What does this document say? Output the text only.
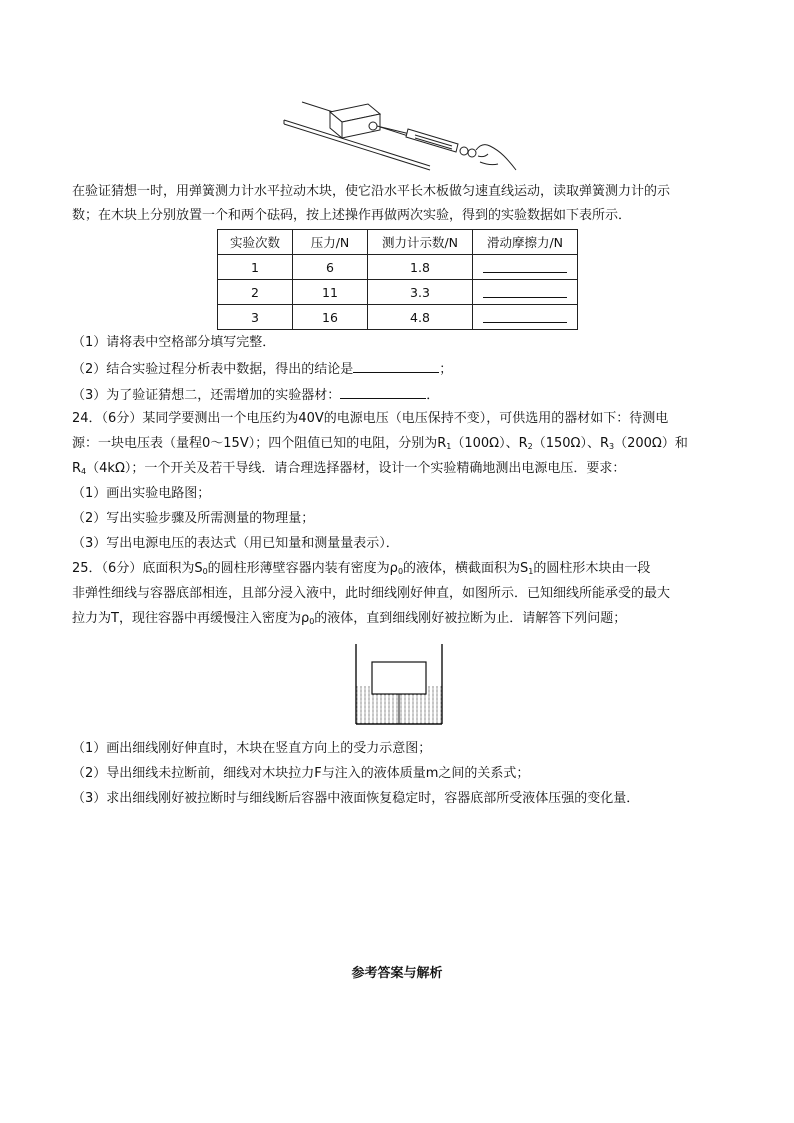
在验证猜想一时，用弹簧测力计水平拉动木块，使它沿水平长木板做匀速直线运动，读取弹簧测力计的示
数；在木块上分别放置一个和两个砝码，按上述操作再做两次实验，得到的实验数据如下表所示．
实验次数	压力/N	测力计示数/N	滑动摩擦力/N
1	6	1.8	
2	11	3.3	
3	16	4.8	
（1）请将表中空格部分填写完整．
（2）结合实验过程分析表中数据，得出的结论是	；
（3）为了验证猜想二，还需增加的实验器材：	．
24．（6分）某同学要测出一个电压约为40V的电源电压（电压保持不变），可供选用的器材如下：待测电
源：一块电压表（量程0～15V）；四个阻值已知的电阻，分别为$R_1(100\Omega)$、$R_2(150\Omega)$、$R_3(200\Omega)$和
$R_4(4k\Omega)$；一个开关及若干导线．请合理选择器材，设计一个实验精确地测出电源电压．要求：
（1）画出实验电路图；
（2）写出实验步骤及所需测量的物理量；
（3）写出电源电压的表达式（用已知量和测量量表示）．
25．（6分）底面积为$S_0$的圆柱形薄壁容器内装有密度为$\rho_0$的液体，横截面积为$S_1$的圆柱形木块由一段
非弹性细线与容器底部相连，且部分浸入液中，此时细线刚好伸直，如图所示．已知细线所能承受的最大
拉力为T，现往容器中再缓慢注入密度为$\rho_0$的液体，直到细线刚好被拉断为止．请解答下列问题；
（1）画出细线刚好伸直时，木块在竖直方向上的受力示意图；
（2）导出细线未拉断前，细线对木块拉力F与注入的液体质量m之间的关系式；
（3）求出细线刚好被拉断时与细线断后容器中液面恢复稳定时，容器底部所受液体压强的变化量．
参考答案与解析
